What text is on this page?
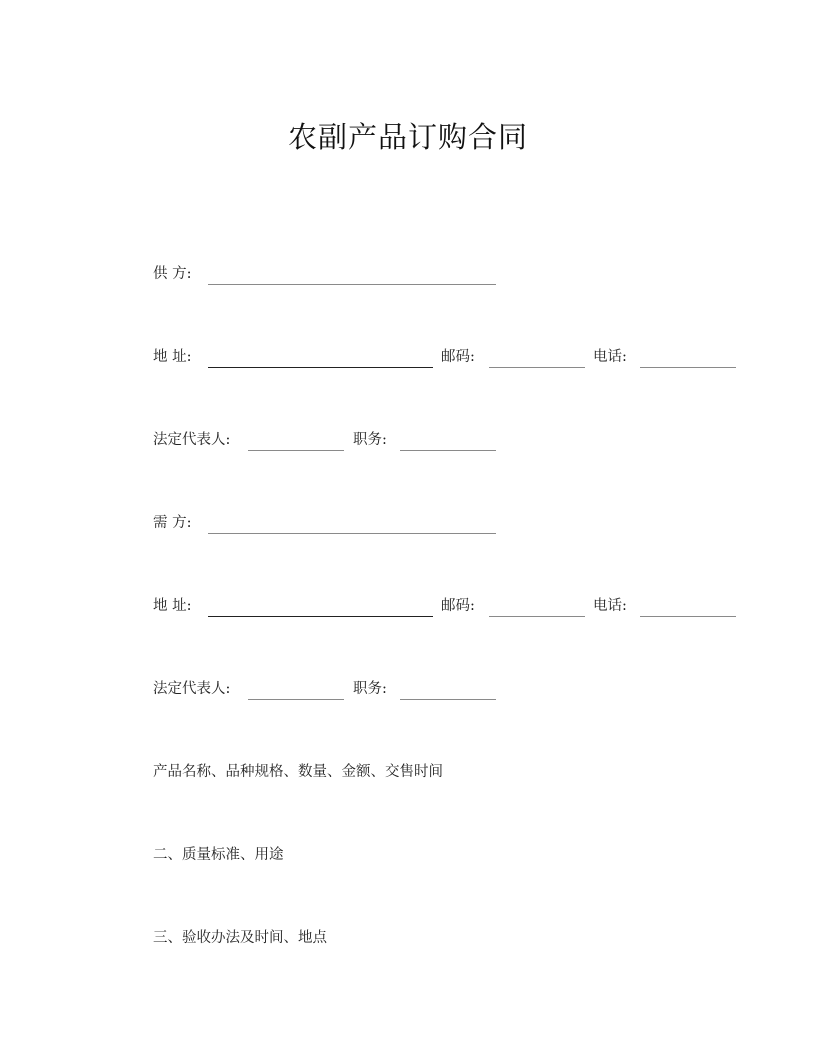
农副产品订购合同
供 方:
地 址:	邮码:	电话:
法定代表人:	职务:
需 方:
地 址:	邮码:	电话:
法定代表人:	职务:

产品名称、品种规格、数量、金额、交售时间

二、质量标准、用途

三、验收办法及时间、地点
